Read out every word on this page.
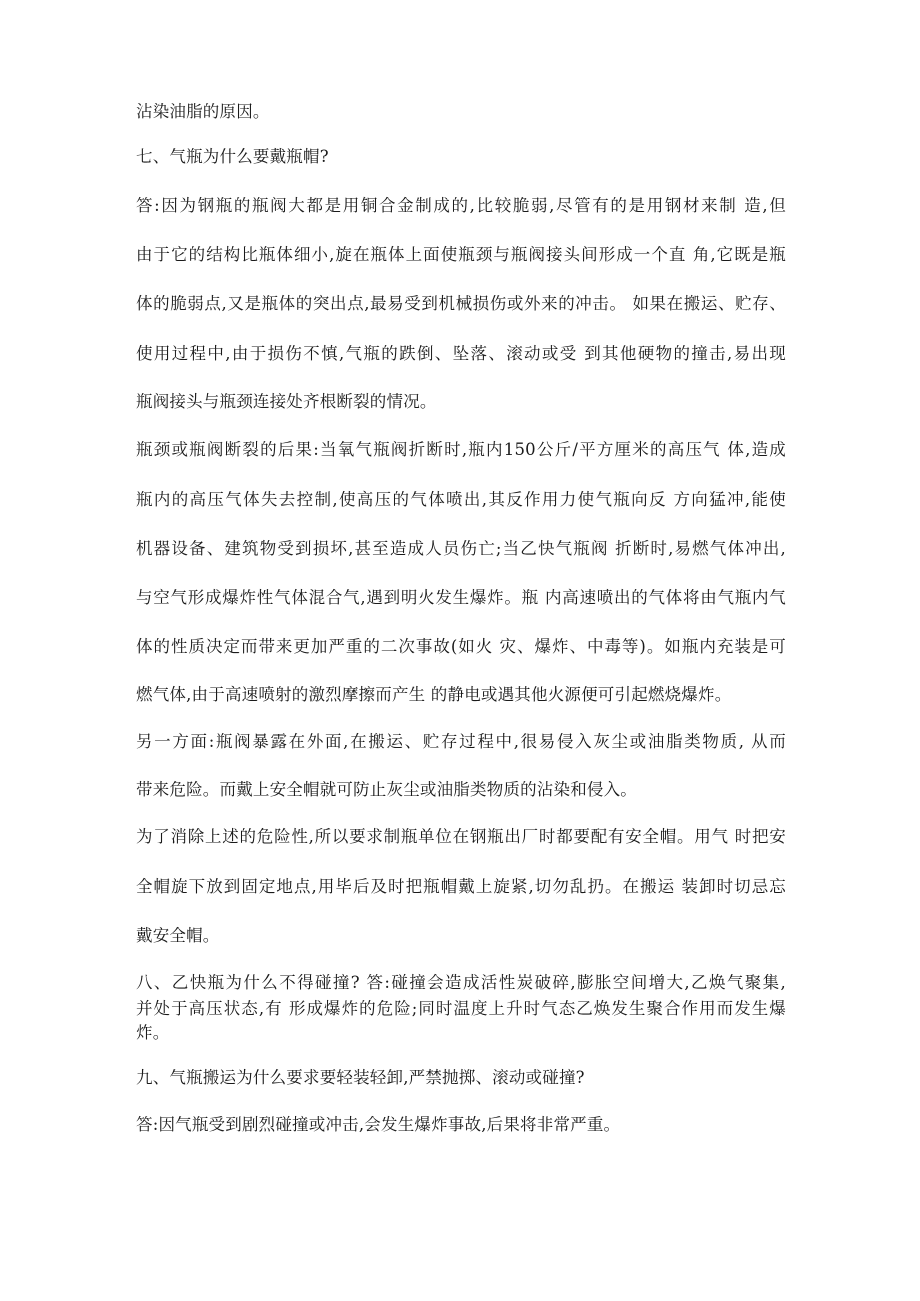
沾染油脂的原因。
七、气瓶为什么要戴瓶帽?
答:因为钢瓶的瓶阀大都是用铜合金制成的,比较脆弱,尽管有的是用钢材来制 造,但
由于它的结构比瓶体细小,旋在瓶体上面使瓶颈与瓶阀接头间形成一个直 角,它既是瓶
体的脆弱点,又是瓶体的突出点,最易受到机械损伤或外来的冲击。 如果在搬运、贮存、
使用过程中,由于损伤不慎,气瓶的跌倒、坠落、滚动或受 到其他硬物的撞击,易出现
瓶阀接头与瓶颈连接处齐根断裂的情况。
瓶颈或瓶阀断裂的后果:当氧气瓶阀折断时,瓶内150公斤/平方厘米的高压气 体,造成
瓶内的高压气体失去控制,使高压的气体喷出,其反作用力使气瓶向反 方向猛冲,能使
机器设备、建筑物受到损坏,甚至造成人员伤亡;当乙快气瓶阀 折断时,易燃气体冲出,
与空气形成爆炸性气体混合气,遇到明火发生爆炸。瓶 内高速喷出的气体将由气瓶内气
体的性质决定而带来更加严重的二次事故(如火 灾、爆炸、中毒等)。如瓶内充装是可
燃气体,由于高速喷射的激烈摩擦而产生 的静电或遇其他火源便可引起燃烧爆炸。
另一方面:瓶阀暴露在外面,在搬运、贮存过程中,很易侵入灰尘或油脂类物质, 从而
带来危险。而戴上安全帽就可防止灰尘或油脂类物质的沾染和侵入。
为了消除上述的危险性,所以要求制瓶单位在钢瓶出厂时都要配有安全帽。用气 时把安
全帽旋下放到固定地点,用毕后及时把瓶帽戴上旋紧,切勿乱扔。在搬运 装卸时切忌忘
戴安全帽。
八、乙快瓶为什么不得碰撞? 答:碰撞会造成活性炭破碎,膨胀空间增大,乙焕气聚集,
并处于高压状态,有 形成爆炸的危险;同时温度上升时气态乙焕发生聚合作用而发生爆
炸。
九、气瓶搬运为什么要求要轻装轻卸,严禁抛掷、滚动或碰撞?
答:因气瓶受到剧烈碰撞或冲击,会发生爆炸事故,后果将非常严重。
